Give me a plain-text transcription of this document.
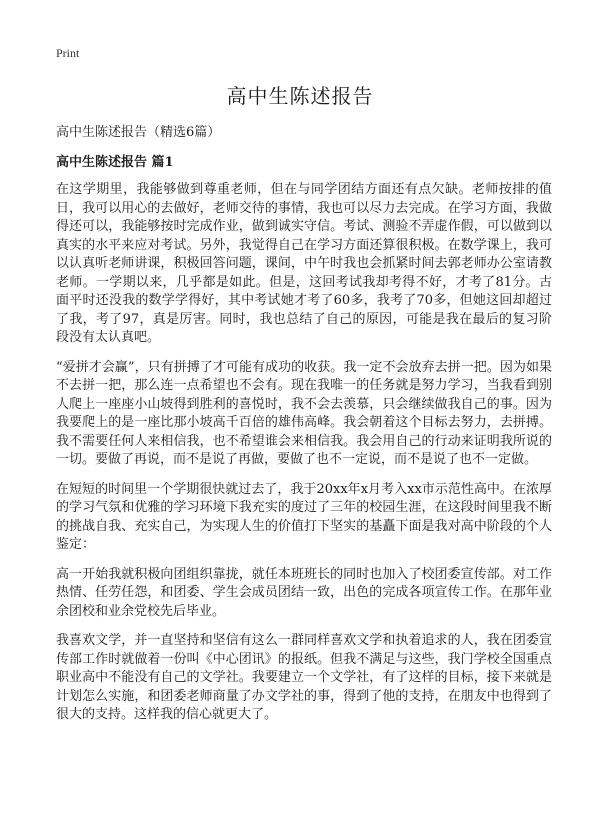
Print
高中生陈述报告

高中生陈述报告（精选6篇）

高中生陈述报告 篇1

在这学期里，我能够做到尊重老师，但在与同学团结方面还有点欠缺。老师按排的值日，我可以用心的去做好，老师交待的事情，我也可以尽力去完成。在学习方面，我做得还可以，我能够按时完成作业，做到诚实守信。考试、测验不弄虚作假，可以做到以真实的水平来应对考试。另外，我觉得自己在学习方面还算很积极。在数学课上，我可以认真听老师讲课，积极回答问题，课间，中午时我也会抓紧时间去郭老师办公室请教老师。一学期以来，几乎都是如此。但是，这回考试我却考得不好，才考了81分。古面平时还没我的数学学得好，其中考试她才考了60多，我考了70多，但她这回却超过了我，考了97，真是厉害。同时，我也总结了自己的原因，可能是我在最后的复习阶段没有太认真吧。

“爱拼才会赢”，只有拼搏了才可能有成功的收获。我一定不会放弃去拼一把。因为如果不去拼一把，那么连一点希望也不会有。现在我唯一的任务就是努力学习，当我看到别人爬上一座座小山坡得到胜利的喜悦时，我不会去羡慕，只会继续做我自己的事。因为我要爬上的是一座比那小坡高千百倍的雄伟高峰。我会朝着这个目标去努力，去拼搏。我不需要任何人来相信我，也不希望谁会来相信我。我会用自己的行动来证明我所说的一切。要做了再说，而不是说了再做，要做了也不一定说，而不是说了也不一定做。

在短短的时间里一个学期很快就过去了，我于20xx年x月考入xx市示范性高中。在浓厚的学习气氛和优雅的学习环境下我充实的度过了三年的校园生涯，在这段时间里我不断的挑战自我、充实自己，为实现人生的价值打下坚实的基矗下面是我对高中阶段的个人鉴定：

高一开始我就积极向团组织靠拢，就任本班班长的同时也加入了校团委宣传部。对工作热情、任劳任怨，和团委、学生会成员团结一致，出色的完成各项宣传工作。在那年业余团校和业余党校先后毕业。

我喜欢文学，并一直坚持和坚信有这么一群同样喜欢文学和执着追求的人，我在团委宣传部工作时就做着一份叫《中心团讯》的报纸。但我不满足与这些，我门学校全国重点职业高中不能没有自己的文学社。我要建立一个文学社，有了这样的目标，接下来就是计划怎么实施，和团委老师商量了办文学社的事，得到了他的支持，在朋友中也得到了很大的支持。这样我的信心就更大了。
